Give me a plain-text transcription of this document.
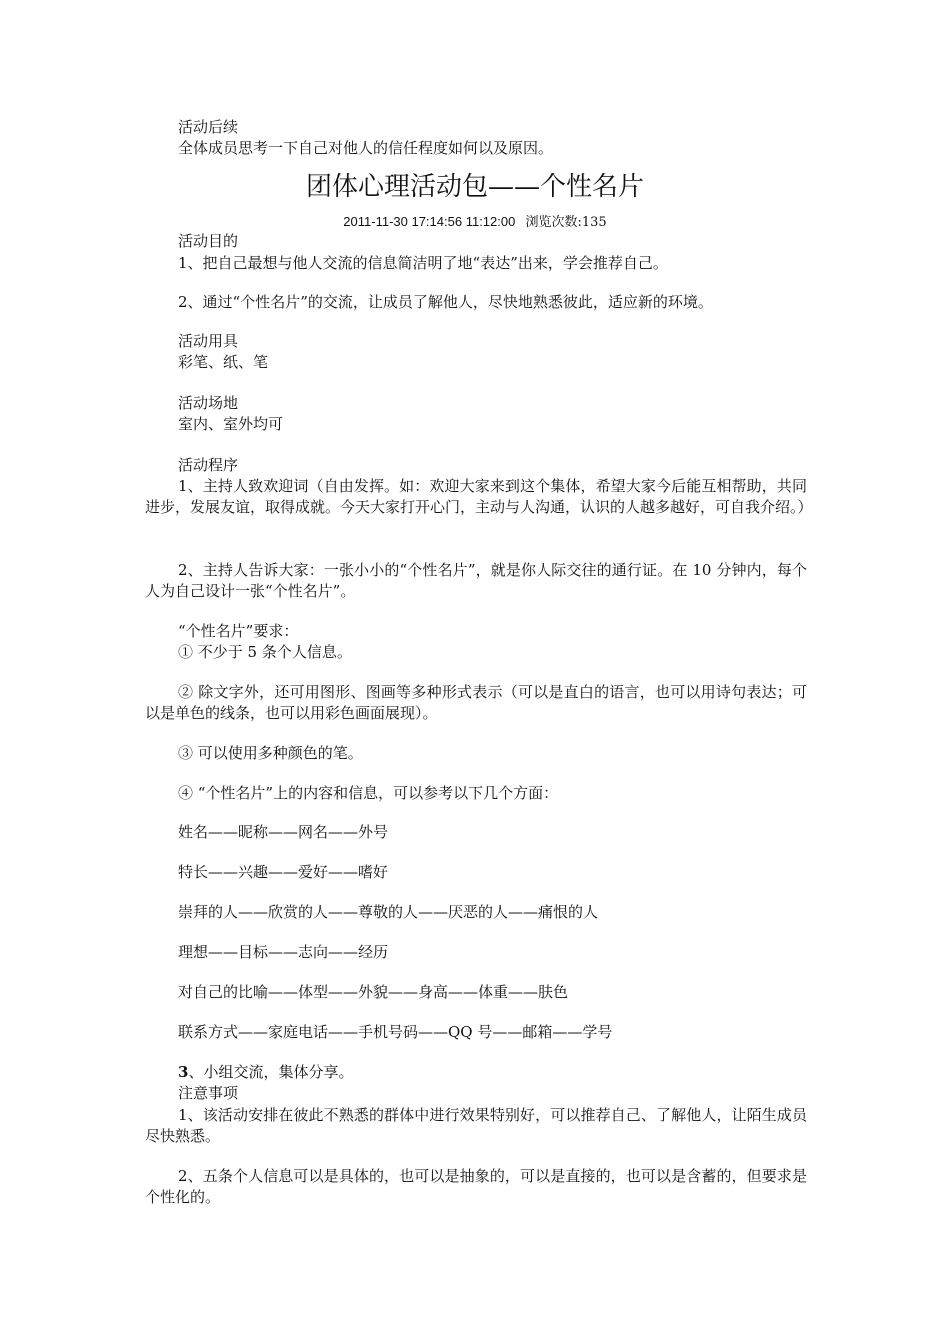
活动后续
全体成员思考一下自己对他人的信任程度如何以及原因。
团体心理活动包——个性名片
2011-11-30 17:14:56 11:12:00 浏览次数:135
活动目的
1、把自己最想与他人交流的信息简洁明了地“表达”出来，学会推荐自己。
2、通过“个性名片”的交流，让成员了解他人，尽快地熟悉彼此，适应新的环境。
活动用具
彩笔、纸、笔
活动场地
室内、室外均可
活动程序
1、主持人致欢迎词（自由发挥。如：欢迎大家来到这个集体，希望大家今后能互相帮助，共同进步，发展友谊，取得成就。今天大家打开心门，主动与人沟通，认识的人越多越好，可自我介绍。）
2、主持人告诉大家：一张小小的“个性名片”，就是你人际交往的通行证。在 10 分钟内，每个人为自己设计一张“个性名片”。
“个性名片”要求：
① 不少于 5 条个人信息。
② 除文字外，还可用图形、图画等多种形式表示（可以是直白的语言，也可以用诗句表达；可以是单色的线条，也可以用彩色画面展现）。
③ 可以使用多种颜色的笔。
④ “个性名片”上的内容和信息，可以参考以下几个方面：
姓名——昵称——网名——外号
特长——兴趣——爱好——嗜好
崇拜的人——欣赏的人——尊敬的人——厌恶的人——痛恨的人
理想——目标——志向——经历
对自己的比喻——体型——外貌——身高——体重——肤色
联系方式——家庭电话——手机号码——QQ 号——邮箱——学号
3、小组交流，集体分享。
注意事项
1、该活动安排在彼此不熟悉的群体中进行效果特别好，可以推荐自己、了解他人，让陌生成员尽快熟悉。
2、五条个人信息可以是具体的，也可以是抽象的，可以是直接的，也可以是含蓄的，但要求是个性化的。
